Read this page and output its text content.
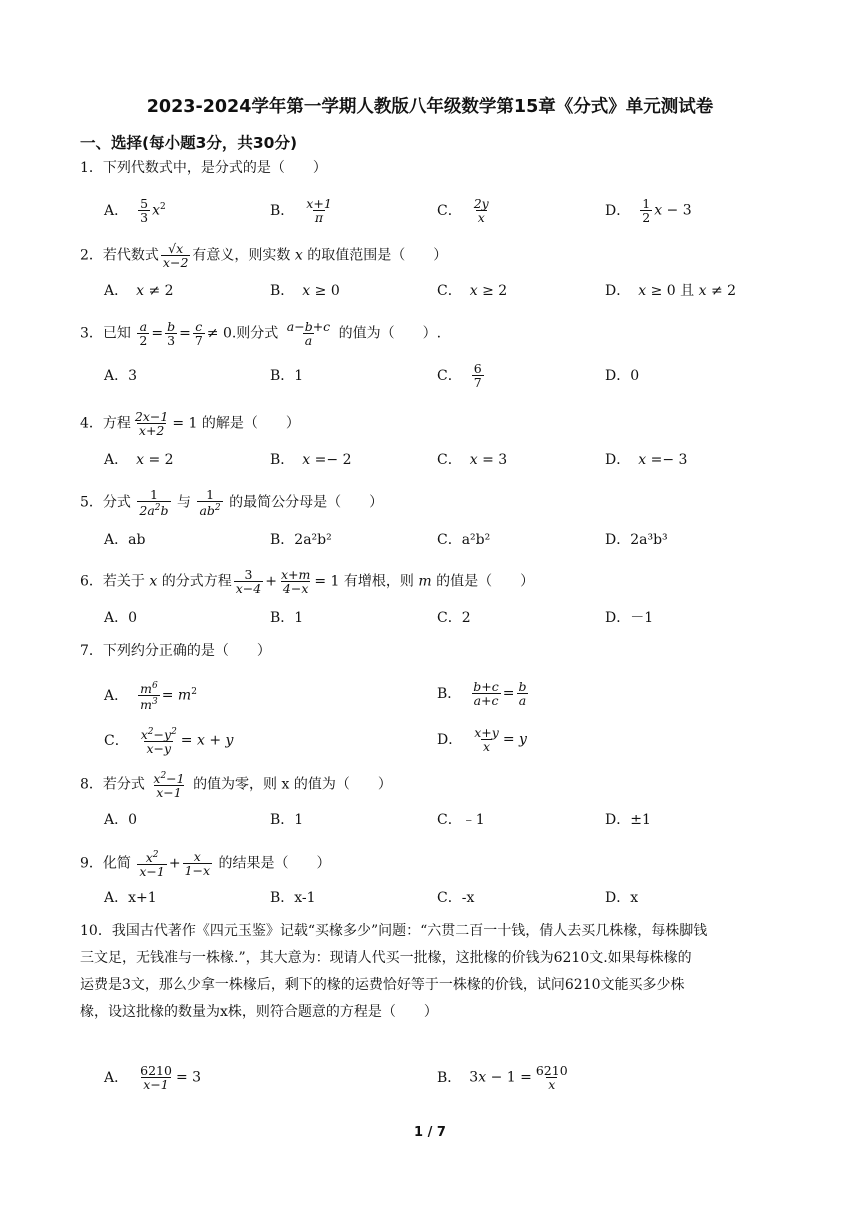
2023-2024学年第一学期人教版八年级数学第15章《分式》单元测试卷
一、选择(每小题3分，共30分)
1．下列代数式中，是分式的是（　　）
A． $\frac{5}{3} x^2$	B． $\frac{x+1}{\pi}$	C． $\frac{2y}{x}$	D． $\frac{1}{2}$ x − 3
2．若代数式 $\frac{√x}{x-2}$ 有意义，则实数 x 的取值范围是（　　）
A． x ≠ 2	B． x ≥ 0	C． x ≥ 2	D． x ≥ 0 且 x ≠ 2
3．已知 $\frac{a}{2} = \frac{b}{3} = \frac{c}{7} \ne 0$.则分式 $\frac{a-b+c}{a}$ 的值为（　　）.
A．3	B．1	C． $\frac{6}{7}$	D．0
4．方程 $\frac{2x-1}{x+2} = 1$ 的解是（　　）
A． x = 2	B． x =− 2	C． x = 3	D． x =− 3
5．分式 $\frac{1}{2a^2b}$ 与 $\frac{1}{ab^2}$ 的最简公分母是（　　）
A．ab	B．2a²b²	C．a²b²	D．2a³b³
6．若关于 x 的分式方程 $\frac{3}{x-4} + \frac{x+m}{4-x} = 1$ 有增根，则 m 的值是（　　）
A．0	B．1	C．2	D．－1
7．下列约分正确的是（　　）
A． $\frac{m^6}{m^3} = m^2$	B． $\frac{b+c}{a+c} = \frac{b}{a}$
C． $\frac{x^2-y^2}{x-y} = x + y$	D． $\frac{x+y}{x} = y$
8．若分式 $\frac{x^2-1}{x-1}$ 的值为零，则 x 的值为（　　）
A．0	B．1	C．﹣1	D．±1
9．化简 $\frac{x^2}{x-1} + \frac{x}{1-x}$ 的结果是（　　）
A．x+1	B．x-1	C．-x	D．x
10．我国古代著作《四元玉鉴》记载“买椽多少”问题：“六贯二百一十钱，倩人去买几株椽，每株脚钱
三文足，无钱准与一株椽.”，其大意为：现请人代买一批椽，这批椽的价钱为6210文.如果每株椽的
运费是3文，那么少拿一株椽后，剩下的椽的运费恰好等于一株椽的价钱，试问6210文能买多少株
椽，设这批椽的数量为x株，则符合题意的方程是（　　）
A． $\frac{6210}{x-1} = 3$	B． $3x - 1 = \frac{6210}{x}$
1 / 7
